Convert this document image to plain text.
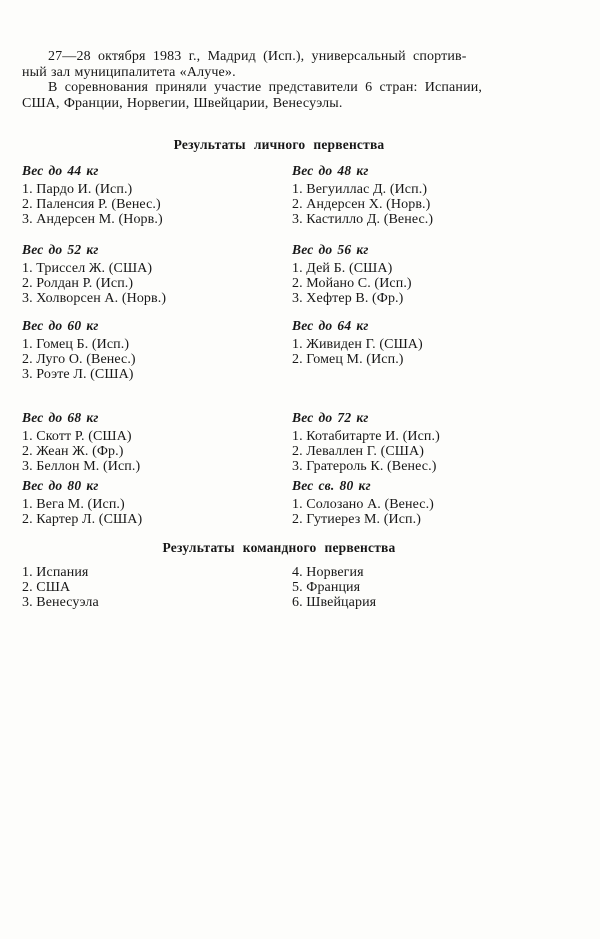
27—28 октября 1983 г., Мадрид (Исп.), универсальный спортив-
ный зал муниципалитета «Алуче».
В соревнования приняли участие представители 6 стран: Испании,
США, Франции, Норвегии, Швейцарии, Венесуэлы.
Результаты личного первенства
Вес до 44 кг
1. Пардо И. (Исп.)
2. Паленсия Р. (Венес.)
3. Андерсен М. (Норв.)
Вес до 48 кг
1. Вегуиллас Д. (Исп.)
2. Андерсен Х. (Норв.)
3. Кастилло Д. (Венес.)
Вес до 52 кг
1. Триссел Ж. (США)
2. Ролдан Р. (Исп.)
3. Холворсен А. (Норв.)
Вес до 56 кг
1. Дей Б. (США)
2. Мойано С. (Исп.)
3. Хефтер В. (Фр.)
Вес до 60 кг
1. Гомец Б. (Исп.)
2. Луго О. (Венес.)
3. Роэте Л. (США)
Вес до 64 кг
1. Живиден Г. (США)
2. Гомец М. (Исп.)
Вес до 68 кг
1. Скотт Р. (США)
2. Жеан Ж. (Фр.)
3. Беллон М. (Исп.)
Вес до 72 кг
1. Котабитарте И. (Исп.)
2. Леваллен Г. (США)
3. Гратероль К. (Венес.)
Вес до 80 кг
1. Вега М. (Исп.)
2. Картер Л. (США)
Вес св. 80 кг
1. Солозано А. (Венес.)
2. Гутиерез М. (Исп.)
Результаты командного первенства
1. Испания
2. США
3. Венесуэла
4. Норвегия
5. Франция
6. Швейцария
